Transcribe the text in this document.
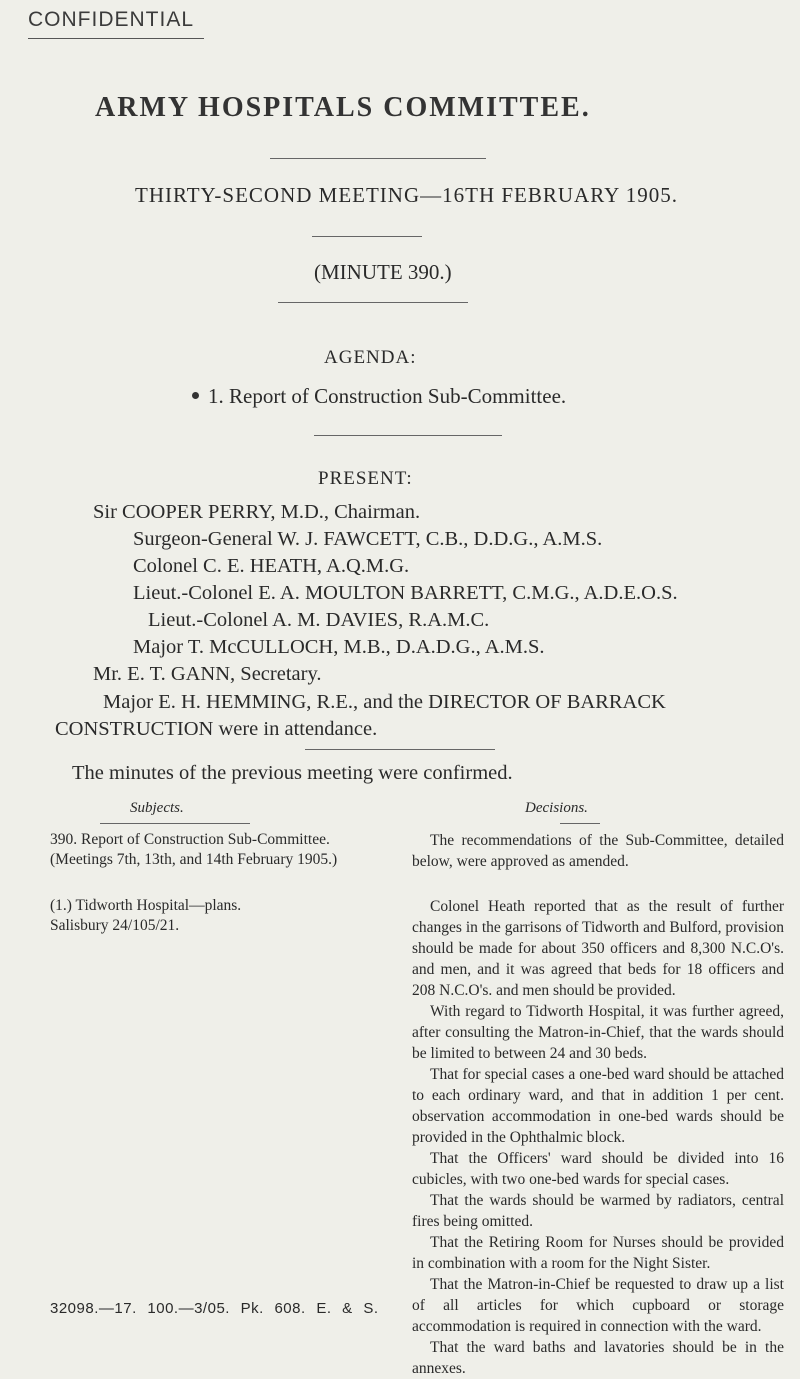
CONFIDENTIAL
ARMY HOSPITALS COMMITTEE.
THIRTY-SECOND MEETING—16TH FEBRUARY 1905.
(MINUTE 390.)
AGENDA:
1. Report of Construction Sub-Committee.
PRESENT:
Sir COOPER PERRY, M.D., Chairman.
Surgeon-General W. J. FAWCETT, C.B., D.D.G., A.M.S.
Colonel C. E. HEATH, A.Q.M.G.
Lieut.-Colonel E. A. MOULTON BARRETT, C.M.G., A.D.E.O.S.
Lieut.-Colonel A. M. DAVIES, R.A.M.C.
Major T. McCULLOCH, M.B., D.A.D.G., A.M.S.
Mr. E. T. GANN, Secretary.
Major E. H. HEMMING, R.E., and the DIRECTOR OF BARRACK CONSTRUCTION were in attendance.
The minutes of the previous meeting were confirmed.
Subjects.	Decisions.
390. Report of Construction Sub-Committee. (Meetings 7th, 13th, and 14th February 1905.)
The recommendations of the Sub-Committee, detailed below, were approved as amended.
(1.) Tidworth Hospital—plans. Salisbury 24/105/21.

Colonel Heath reported that as the result of further changes in the garrisons of Tidworth and Bulford, provision should be made for about 350 officers and 8,300 N.C.O's. and men, and it was agreed that beds for 18 officers and 208 N.C.O's. and men should be provided.

With regard to Tidworth Hospital, it was further agreed, after consulting the Matron-in-Chief, that the wards should be limited to between 24 and 30 beds.

That for special cases a one-bed ward should be attached to each ordinary ward, and that in addition 1 per cent. observation accommodation in one-bed wards should be provided in the Ophthalmic block.

That the Officers' ward should be divided into 16 cubicles, with two one-bed wards for special cases.

That the wards should be warmed by radiators, central fires being omitted.

That the Retiring Room for Nurses should be provided in combination with a room for the Night Sister.

That the Matron-in-Chief be requested to draw up a list of all articles for which cupboard or storage accommodation is required in connection with the ward.

That the ward baths and lavatories should be in the annexes.

32098.—17. 100.—3/05. Pk. 608. E. & S.
